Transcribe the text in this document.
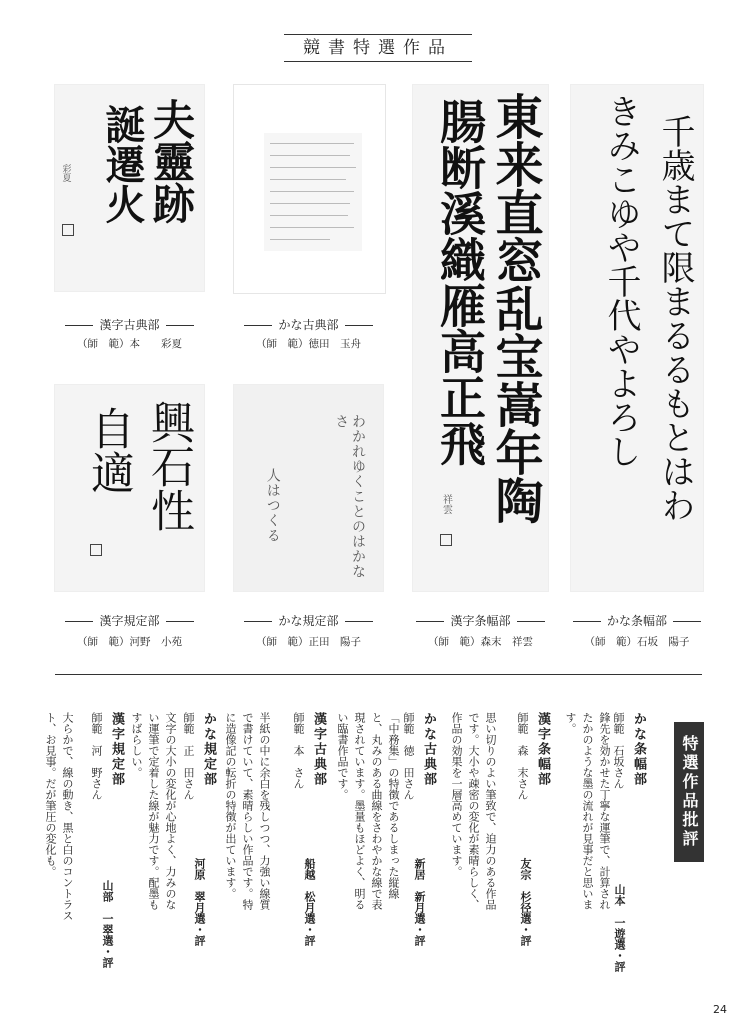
競書特選作品
夫靈跡
誕遷火
彩夏
漢字古典部
（師　範）本　　彩夏
かな古典部
（師　範）徳田　玉舟	東来直窓乱宝嵩年陶
腸断溪織雁高正飛
祥雲
漢字条幅部
（師　範）森末　祥雲
千歳まて限まるるもとはわ
きみこゆや千代やよろし
かな条幅部
（師　範）石坂　陽子
興石性
自適
漢字規定部
（師　範）河野　小苑
わかれゆくことのはかなさ
人はつくる
かな規定部
（師　範）正田　陽子
特選作品批評
かな条幅部
師範　石坂さん
鋒先を効かせた丁寧な運筆で、計算されたかのような墨の流れが見事だと思います。
山本　一遊選・評
漢字条幅部
師範　森　末さん
思い切りのよい筆致で、迫力のある作品です。大小や疎密の変化が素晴らしく、作品の効果を一層高めています。
友宗　杉径選・評
かな古典部
師範　徳　田さん
「中務集」の特徴であるしまった縦線と、丸みのある曲線をさわやかな線で表現されています。墨量もほどよく、明るい臨書作品です。
新居　新月選・評
漢字古典部
師範　本　さん
半紙の中に余白を残しつつ、力強い線質で書けていて、素晴らしい作品です。特に造像記の転折の特徴が出ています。
船越　松月選・評
かな規定部
師範　正　田さん
文字の大小の変化が心地よく、力みのない運筆で定着した線が魅力です。配墨もすばらしい。
河原　翠月選・評
漢字規定部
師範　河　野さん
大らかで、線の動き、黒と白のコントラスト、お見事。だが筆圧の変化も。
山部　一翠選・評
24
